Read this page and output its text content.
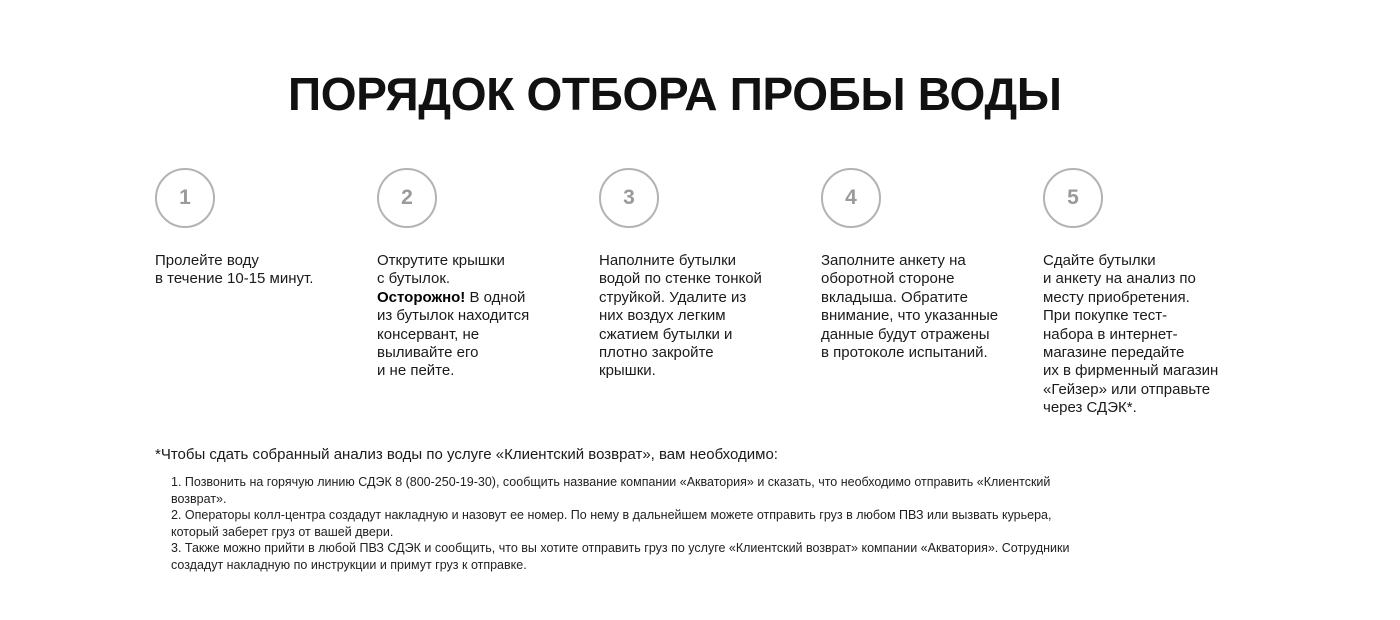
ПОРЯДОК ОТБОРА ПРОБЫ ВОДЫ
1
Пролейте воду
в течение 10-15 минут.
2
Открутите крышки
с бутылок.
Осторожно! В одной
из бутылок находится
консервант, не
выливайте его
и не пейте.
3
Наполните бутылки
водой по стенке тонкой
струйкой. Удалите из
них воздух легким
сжатием бутылки и
плотно закройте
крышки.
4
Заполните анкету на
оборотной стороне
вкладыша. Обратите
внимание, что указанные
данные будут отражены
в протоколе испытаний.
5
Сдайте бутылки
и анкету на анализ по
месту приобретения.
При покупке тест-
набора в интернет-
магазине передайте
их в фирменный магазин
«Гейзер» или отправьте
через СДЭК*.

*Чтобы сдать собранный анализ воды по услуге «Клиентский возврат», вам необходимо:

1. Позвонить на горячую линию СДЭК 8 (800-250-19-30), сообщить название компании «Акватория» и сказать, что необходимо отправить «Клиентский
возврат».
2. Операторы колл-центра создадут накладную и назовут ее номер. По нему в дальнейшем можете отправить груз в любом ПВЗ или вызвать курьера,
который заберет груз от вашей двери.
3. Также можно прийти в любой ПВЗ СДЭК и сообщить, что вы хотите отправить груз по услуге «Клиентский возврат» компании «Акватория». Сотрудники
создадут накладную по инструкции и примут груз к отправке.
